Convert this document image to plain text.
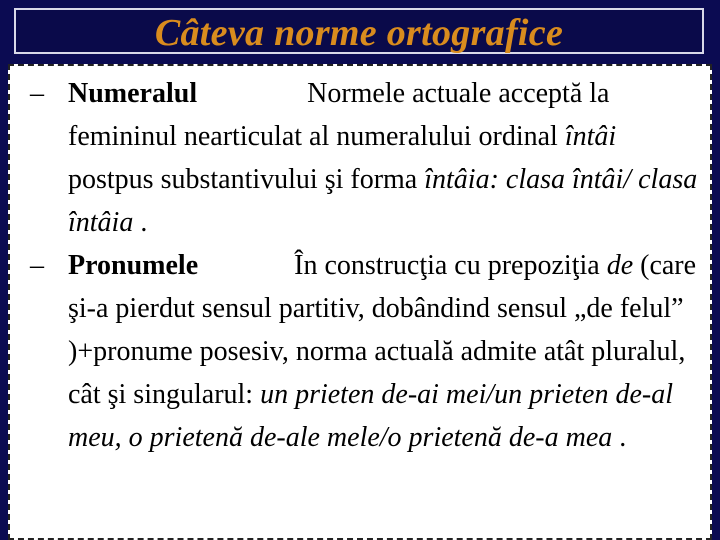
Câteva norme ortografice
– Numeralul	Normele actuale acceptă la femininul nearticulat al numeralului ordinal întâi postpus substantivului şi forma întâia: clasa întâi/ clasa întâia .
– Pronumele	În construcţia cu prepoziţia de (care şi-a pierdut sensul partitiv, dobândind sensul „de felul” )+pronume posesiv, norma actuală admite atât pluralul, cât şi singularul: un prieten de-ai mei/un prieten de-al meu, o prietenă de-ale mele/o prietenă de-a mea .
